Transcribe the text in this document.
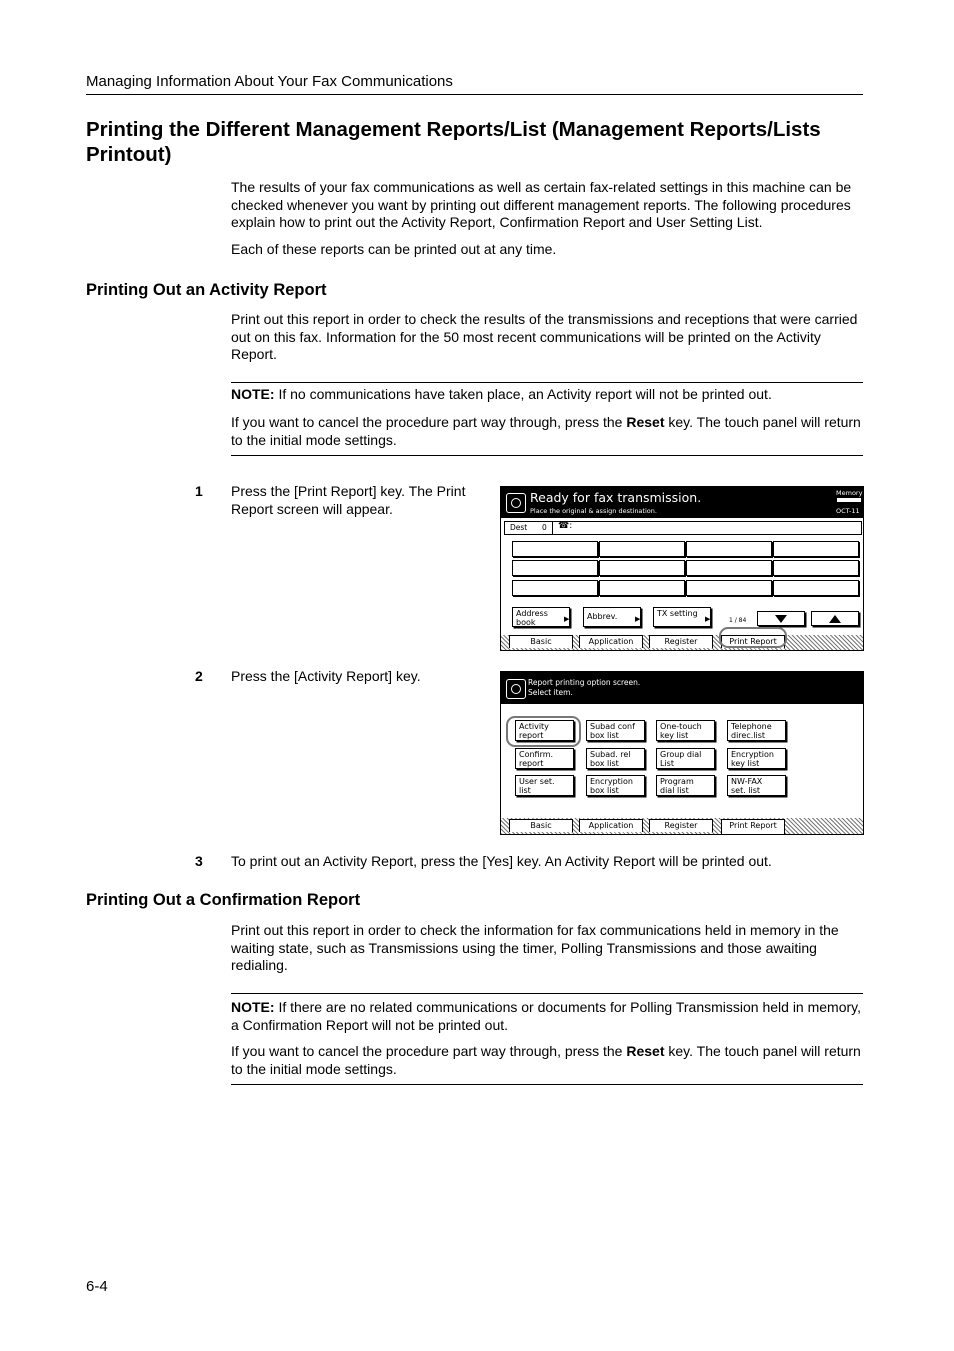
Managing Information About Your Fax Communications
Printing the Different Management Reports/List (Management Reports/Lists Printout)
The results of your fax communications as well as certain fax-related settings in this machine can be checked whenever you want by printing out different management reports. The following procedures explain how to print out the Activity Report, Confirmation Report and User Setting List.
Each of these reports can be printed out at any time.
Printing Out an Activity Report
Print out this report in order to check the results of the transmissions and receptions that were carried out on this fax. Information for the 50 most recent communications will be printed on the Activity Report.
NOTE: If no communications have taken place, an Activity report will not be printed out.
If you want to cancel the procedure part way through, press the Reset key. The touch panel will return to the initial mode settings.
1 Press the [Print Report] key. The Print Report screen will appear.
Ready for fax transmission.
Place the original & assign destination.
Memory
OCT-11
Dest 0 ☎:
Address book	▶	Abbrev.	▶
TX setting
▶	1 / 84
Basic	Application	Register	Print Report
2 Press the [Activity Report] key.	Report printing option screen.
Select item.
Activity
report
Subad conf
box list
One-touch
key list
Telephone
direc.list
Confirm.
report
Subad. rel
box list
Group dial
List
Encryption
key list
User set.
list
Encryption
box list
Program
dial list
NW-FAX
set. list
Basic	Application	Register	Print Report
3 To print out an Activity Report, press the [Yes] key. An Activity Report will be printed out.
Printing Out a Confirmation Report
Print out this report in order to check the information for fax communications held in memory in the waiting state, such as Transmissions using the timer, Polling Transmissions and those awaiting redialing.
NOTE: If there are no related communications or documents for Polling Transmission held in memory, a Confirmation Report will not be printed out.
If you want to cancel the procedure part way through, press the Reset key. The touch panel will return to the initial mode settings.
6-4
